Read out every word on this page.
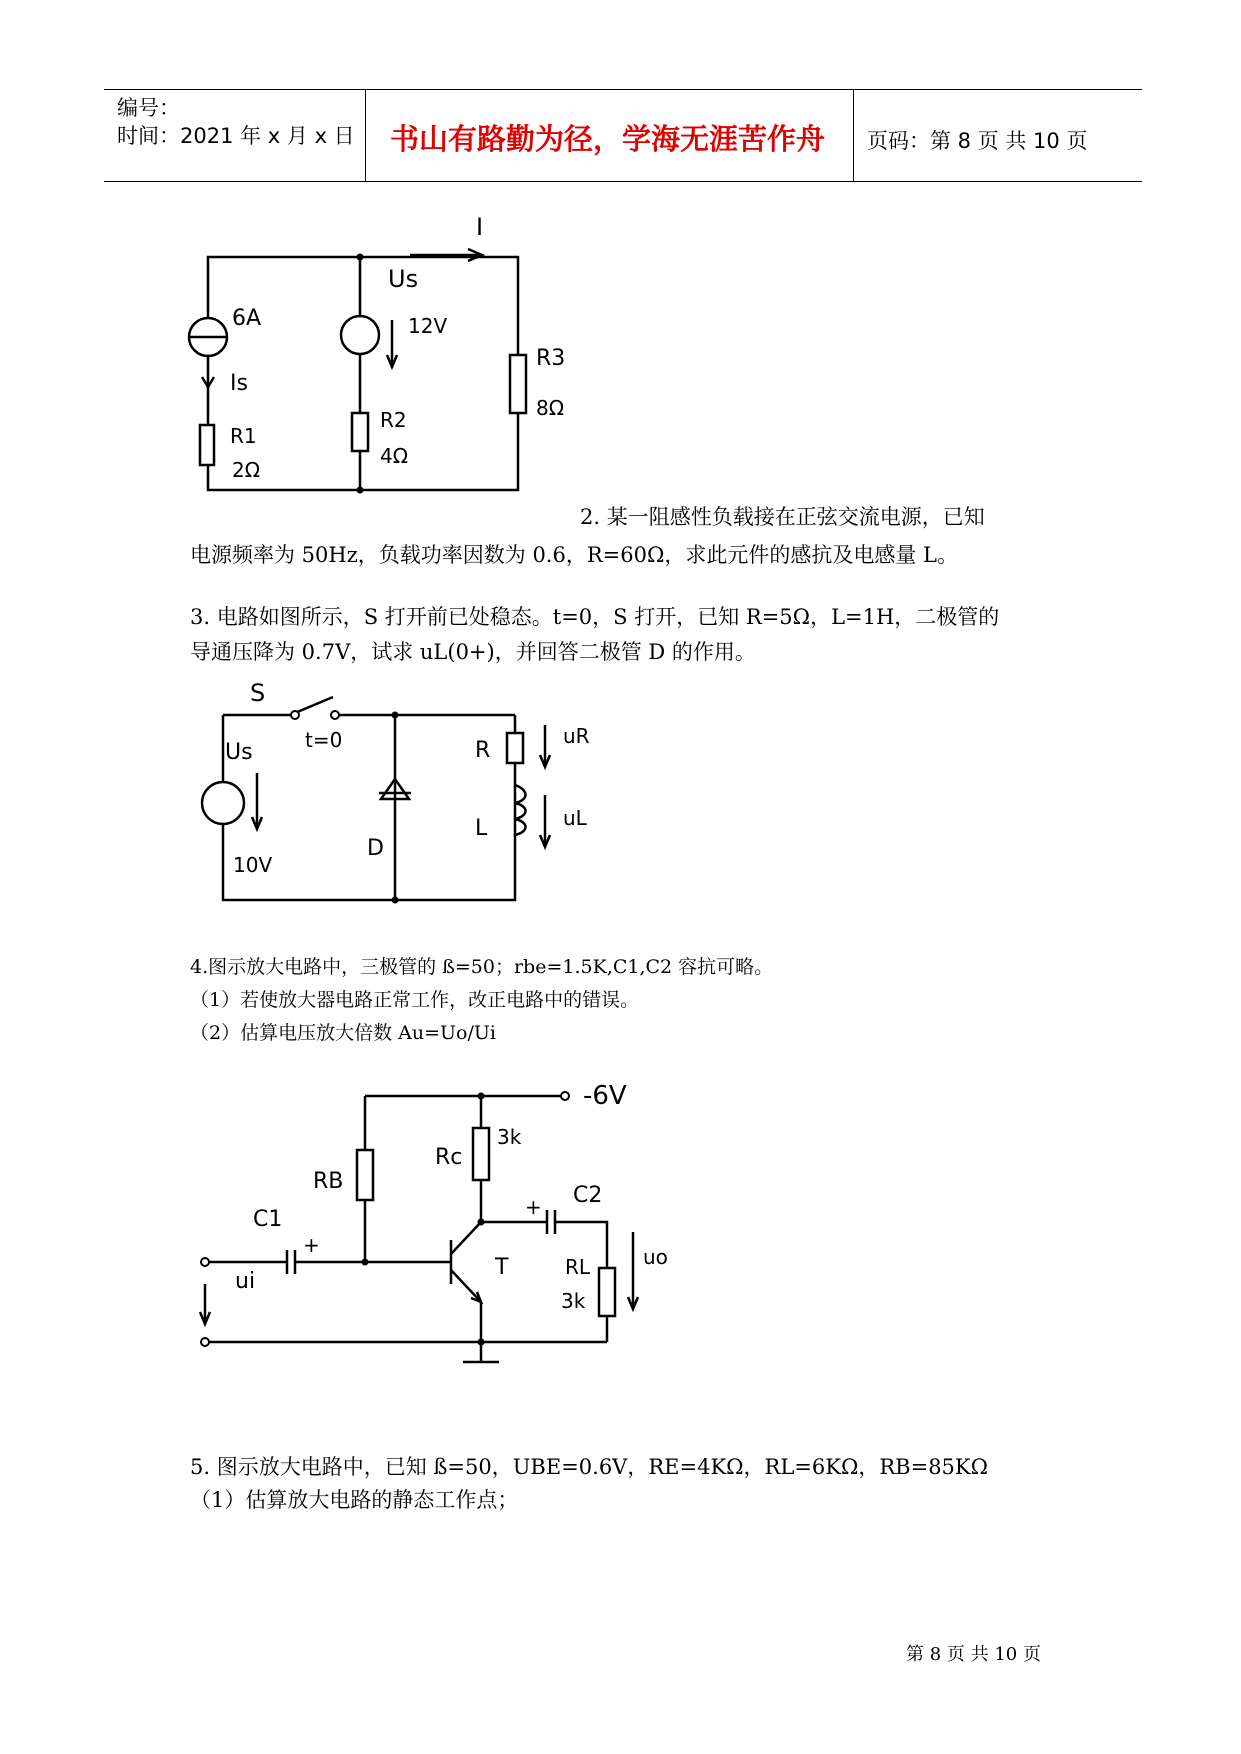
编号：
时间：2021 年 x 月 x 日 书山有路勤为径，学海无涯苦作舟 页码：第 8 页 共 10 页
I
Us
12V
6A
Is
R1
2Ω
R2
4Ω
R3
8Ω
2. 某一阻感性负载接在正弦交流电源，已知
电源频率为 50Hz，负载功率因数为 0.6，R=60Ω，求此元件的感抗及电感量 L。
3. 电路如图所示，S 打开前已处稳态。t=0，S 打开，已知 R=5Ω，L=1H，二极管的
导通压降为 0.7V，试求 uL(0+)，并回答二极管 D 的作用。
S
t=0
Us
10V
D
R
L
uR
uL
4.图示放大电路中，三极管的 ß=50；rbe=1.5K,C1,C2 容抗可略。
（1）若使放大器电路正常工作，改正电路中的错误。
（2）估算电压放大倍数 Au=Uo/Ui
-6V
RB
Rc
3k
C1
+
C2
+
T	RL
3k
ui
uo
5. 图示放大电路中，已知 ß=50，UBE=0.6V，RE=4KΩ，RL=6KΩ，RB=85KΩ
（1）估算放大电路的静态工作点；
第 8 页 共 10 页
